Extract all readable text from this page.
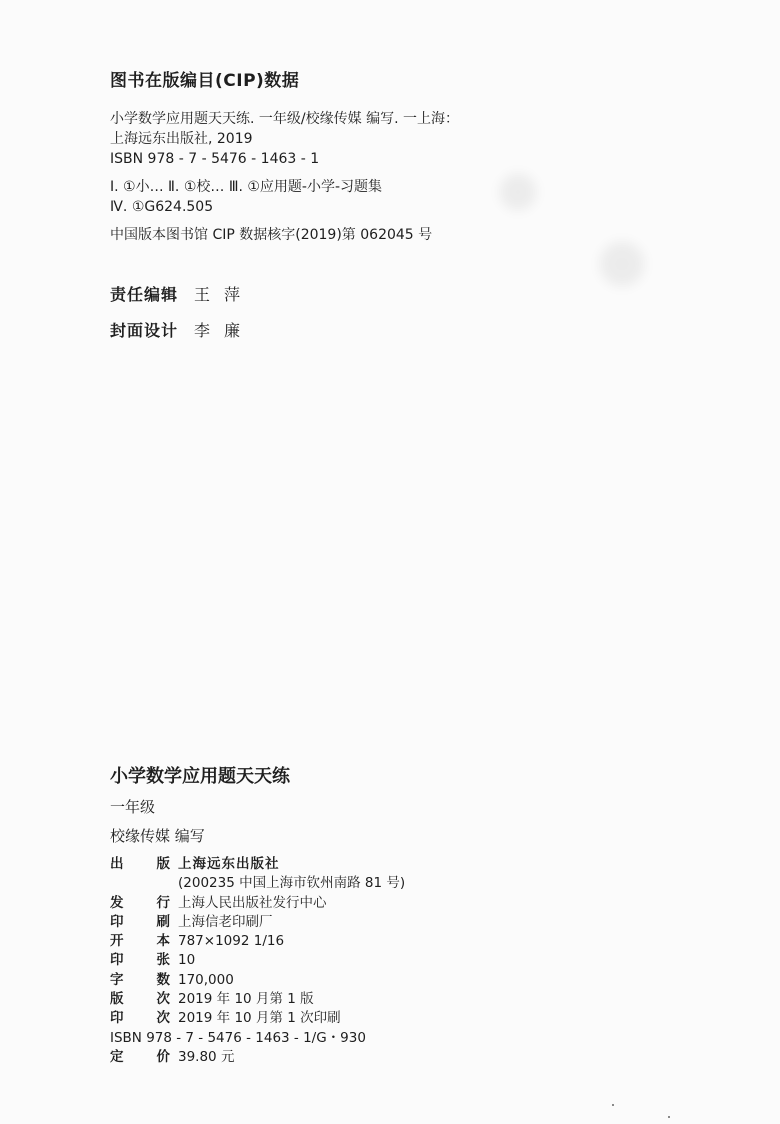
图书在版编目(CIP)数据

小学数学应用题天天练. 一年级/校缘传媒 编写. 一上海：

上海远东出版社, 2019

ISBN 978 - 7 - 5476 - 1463 - 1

Ⅰ. ①小… Ⅱ. ①校… Ⅲ. ①应用题-小学-习题集

Ⅳ. ①G624.505

中国版本图书馆 CIP 数据核字(2019)第 062045 号

责任编辑 王萍
封面设计 李廉

小学数学应用题天天练

一年级

校缘传媒 编写

出 版 上海远东出版社
(200235 中国上海市钦州南路 81 号)
发 行 上海人民出版社发行中心
印 刷 上海信老印刷厂
开 本 787×1092 1/16
印 张 10
字 数 170,000
版 次 2019 年 10 月第 1 版
印 次 2019 年 10 月第 1 次印刷
ISBN 978 - 7 - 5476 - 1463 - 1/G・930
定 价 39.80 元
